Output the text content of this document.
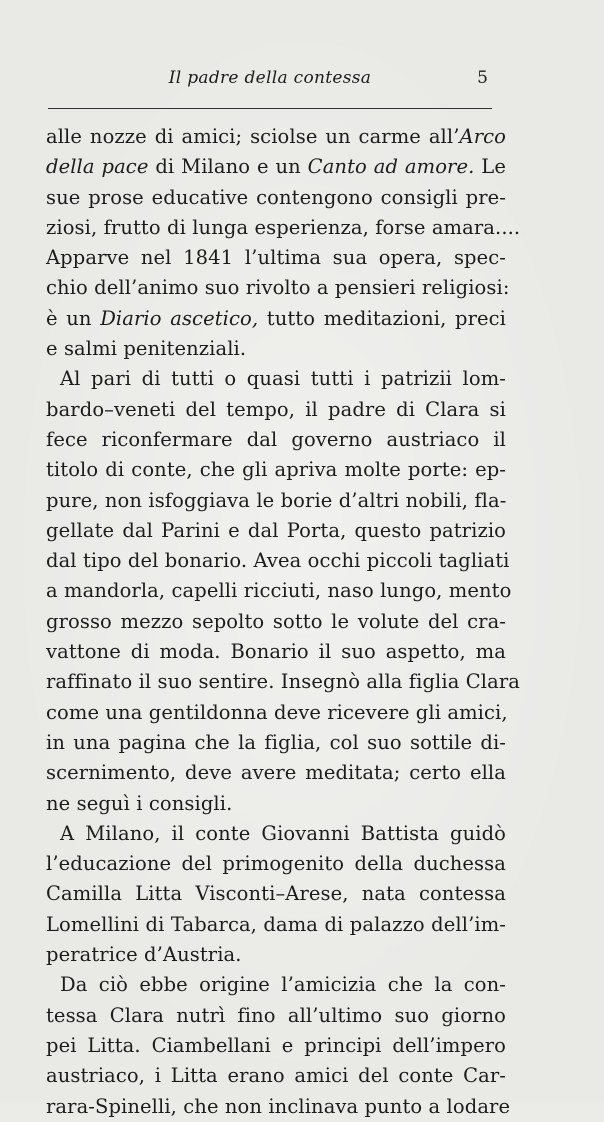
Il padre della contessa	5
alle nozze di amici; sciolse un carme all’Arco
della pace di Milano e un Canto ad amore. Le
sue prose educative contengono consigli pre-
ziosi, frutto di lunga esperienza, forse amara....
Apparve nel 1841 l’ultima sua opera, spec-
chio dell’animo suo rivolto a pensieri religiosi:
è un Diario ascetico, tutto meditazioni, preci
e salmi penitenziali.
Al pari di tutti o quasi tutti i patrizii lom-
bardo–veneti del tempo, il padre di Clara si
fece riconfermare dal governo austriaco il
titolo di conte, che gli apriva molte porte: ep-
pure, non isfoggiava le borie d’altri nobili, fla-
gellate dal Parini e dal Porta, questo patrizio
dal tipo del bonario. Avea occhi piccoli tagliati
a mandorla, capelli ricciuti, naso lungo, mento
grosso mezzo sepolto sotto le volute del cra-
vattone di moda. Bonario il suo aspetto, ma
raffinato il suo sentire. Insegnò alla figlia Clara
come una gentildonna deve ricevere gli amici,
in una pagina che la figlia, col suo sottile di-
scernimento, deve avere meditata; certo ella
ne seguì i consigli.
A Milano, il conte Giovanni Battista guidò
l’educazione del primogenito della duchessa
Camilla Litta Visconti–Arese, nata contessa
Lomellini di Tabarca, dama di palazzo dell’im-
peratrice d’Austria.
Da ciò ebbe origine l’amicizia che la con-
tessa Clara nutrì fino all’ultimo suo giorno
pei Litta. Ciambellani e principi dell’impero
austriaco, i Litta erano amici del conte Car-
rara-Spinelli, che non inclinava punto a lodare
